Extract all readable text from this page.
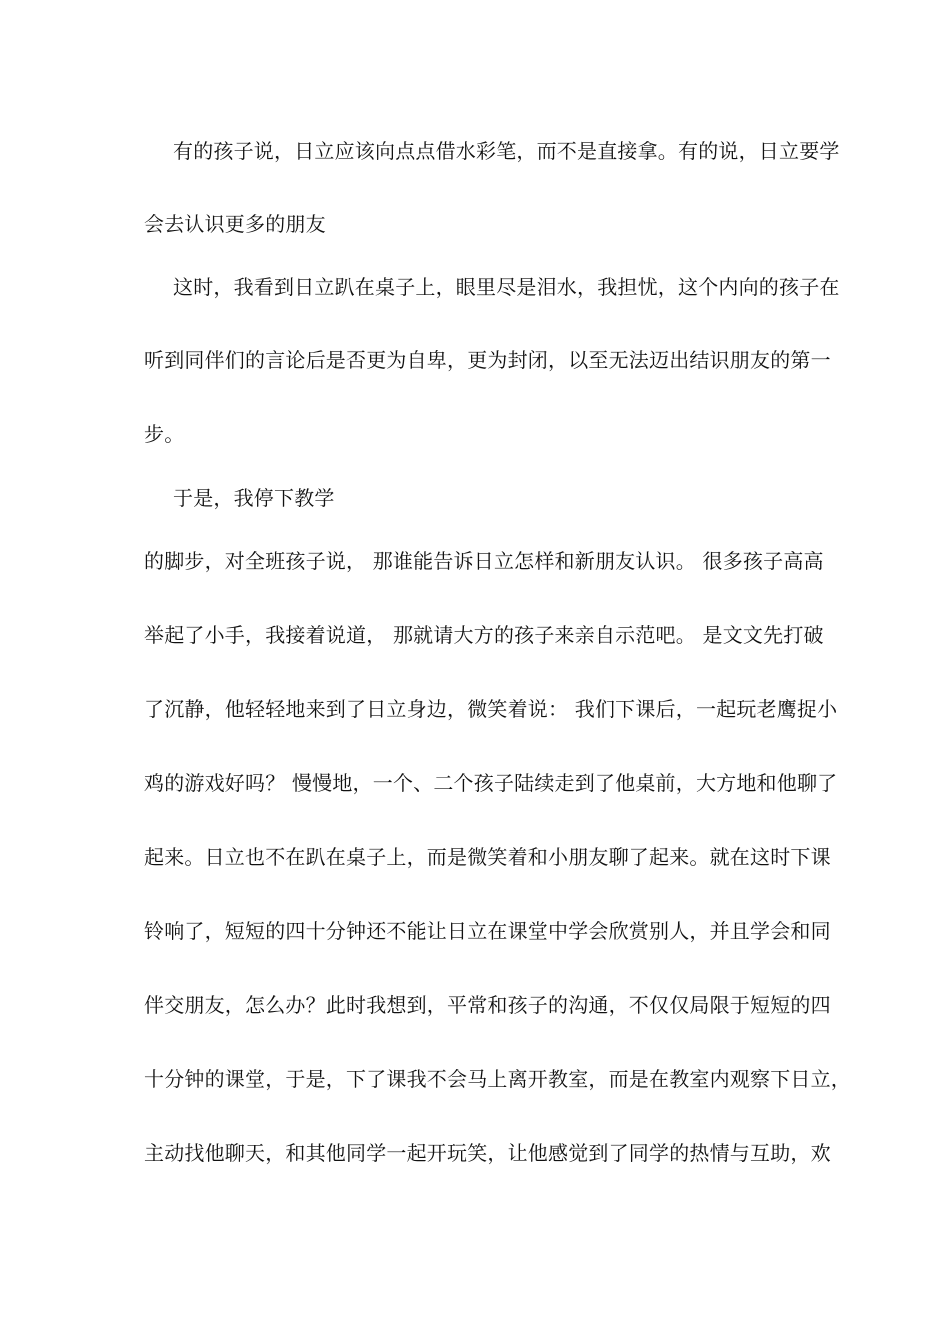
有的孩子说，日立应该向点点借水彩笔，而不是直接拿。有的说，日立要学
会去认识更多的朋友
这时，我看到日立趴在桌子上，眼里尽是泪水，我担忧，这个内向的孩子在
听到同伴们的言论后是否更为自卑，更为封闭，以至无法迈出结识朋友的第一
步。
于是，我停下教学
的脚步，对全班孩子说， 那谁能告诉日立怎样和新朋友认识。 很多孩子高高
举起了小手，我接着说道， 那就请大方的孩子来亲自示范吧。 是文文先打破
了沉静，他轻轻地来到了日立身边，微笑着说： 我们下课后，一起玩老鹰捉小
鸡的游戏好吗？ 慢慢地，一个、二个孩子陆续走到了他桌前，大方地和他聊了
起来。日立也不在趴在桌子上，而是微笑着和小朋友聊了起来。就在这时下课
铃响了，短短的四十分钟还不能让日立在课堂中学会欣赏别人，并且学会和同
伴交朋友，怎么办？此时我想到，平常和孩子的沟通，不仅仅局限于短短的四
十分钟的课堂，于是，下了课我不会马上离开教室，而是在教室内观察下日立，
主动找他聊天，和其他同学一起开玩笑，让他感觉到了同学的热情与互助，欢
